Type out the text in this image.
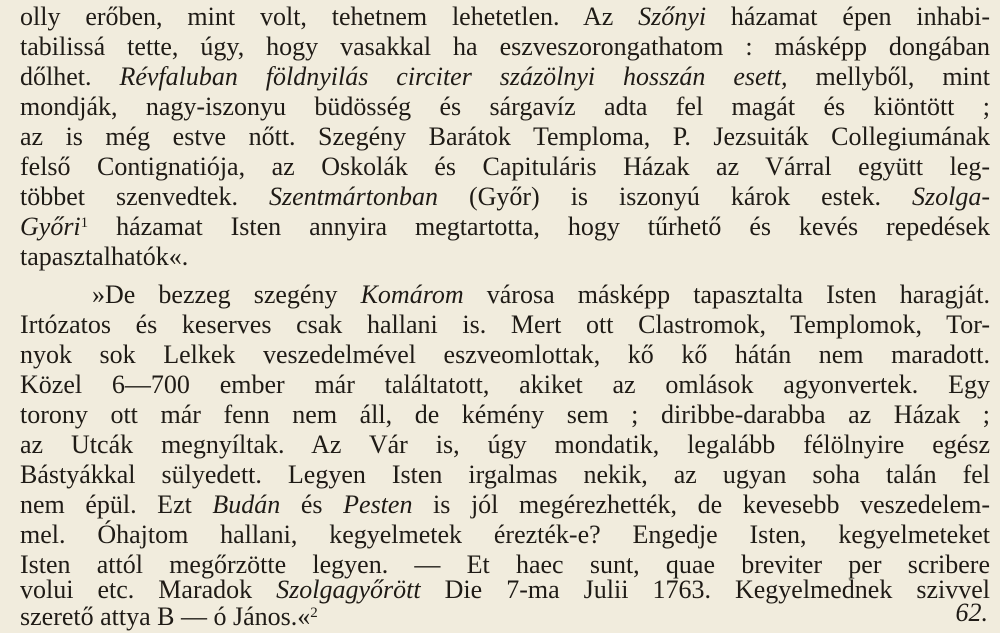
olly erőben, mint volt, tehetnem lehetetlen. Az Szőnyi házamat épen inhabi-
tabilissá tette, úgy, hogy vasakkal ha eszveszorongathatom : másképp dongában
dőlhet. Révfaluban földnyilás circiter százölnyi hosszán esett, mellyből, mint
mondják, nagy-iszonyu büdösség és sárgavíz adta fel magát és kiöntött ;
az is még estve nőtt. Szegény Barátok Temploma, P. Jezsuiták Collegiumának
felső Contignatiója, az Oskolák és Capituláris Házak az Várral együtt leg-
többet szenvedtek. Szentmártonban (Győr) is iszonyú károk estek. Szolga-
Győri$^1$ házamat Isten annyira megtartotta, hogy tűrhető és kevés repedések
tapasztalhatók«.
»De bezzeg szegény Komárom városa másképp tapasztalta Isten haragját.
Irtózatos és keserves csak hallani is. Mert ott Clastromok, Templomok, Tor-
nyok sok Lelkek veszedelmével eszveomlottak, kő kő hátán nem maradott.
Közel 6—700 ember már találtatott, akiket az omlások agyonvertek. Egy
torony ott már fenn nem áll, de kémény sem ; diribbe-darabba az Házak ;
az Utcák megnyíltak. Az Vár is, úgy mondatik, legalább félölnyire egész
Bástyákkal sülyedett. Legyen Isten irgalmas nekik, az ugyan soha talán fel
nem épül. Ezt Budán és Pesten is jól megérezhették, de kevesebb veszedelem-
mel. Óhajtom hallani, kegyelmetek érezték-e? Engedje Isten, kegyelmeteket
Isten attól megőrzötte legyen. — Et haec sunt, quae breviter per scribere
volui etc. Maradok Szolgagyőrött Die 7-ma Julii 1763. Kegyelmednek szivvel
szerető attya B — ó János.«$^2$	62.
